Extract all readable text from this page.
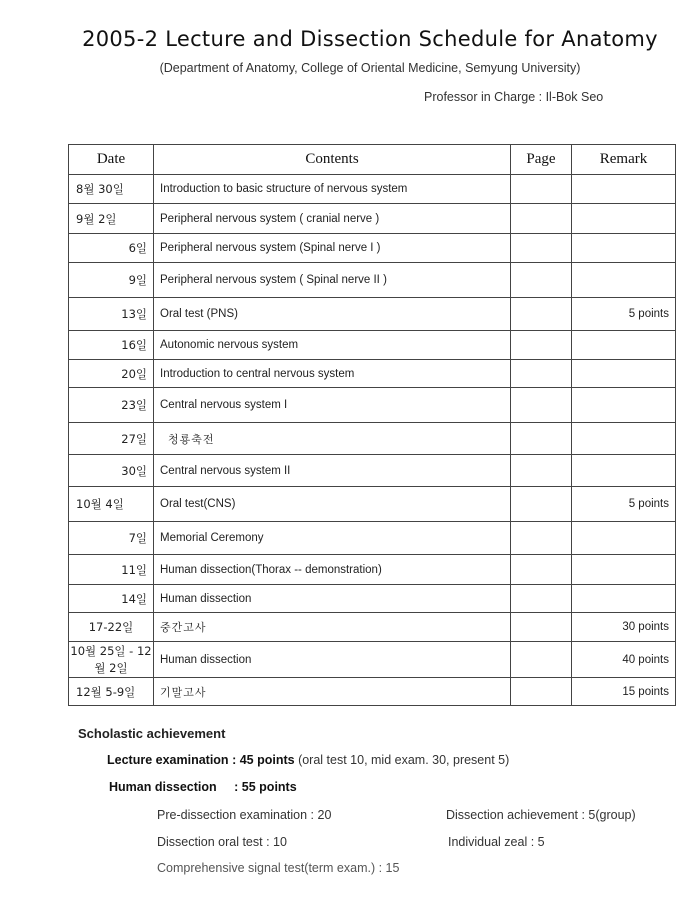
2005-2 Lecture and Dissection Schedule for Anatomy
(Department of Anatomy, College of Oriental Medicine, Semyung University)
Professor in Charge : Il-Bok Seo
Date	Contents	Page	Remark
8월 30일	Introduction to basic structure of nervous system		
9월 2일	Peripheral nervous system ( cranial nerve )		
6일	Peripheral nervous system (Spinal nerve I )		
9일	Peripheral nervous system ( Spinal nerve II )		
13일	Oral test (PNS)		5 points
16일	Autonomic nervous system		
20일	Introduction to central nervous system		
23일	Central nervous system I		
27일	청룡축전		
30일	Central nervous system II		
10월 4일	Oral test(CNS)		5 points
7일	Memorial Ceremony		
11일	Human dissection(Thorax -- demonstration)		
14일	Human dissection		
17-22일	중간고사		30 points
10월 25일 - 12월 2일	Human dissection		40 points
12월 5-9일	기말고사		15 points
Scholastic achievement
Lecture examination : 45 points (oral test 10, mid exam. 30, present 5)
Human dissection : 55 points
Pre-dissection examination : 20	Dissection achievement : 5(group)
Dissection oral test : 10	Individual zeal : 5
Comprehensive signal test(term exam.) : 15
